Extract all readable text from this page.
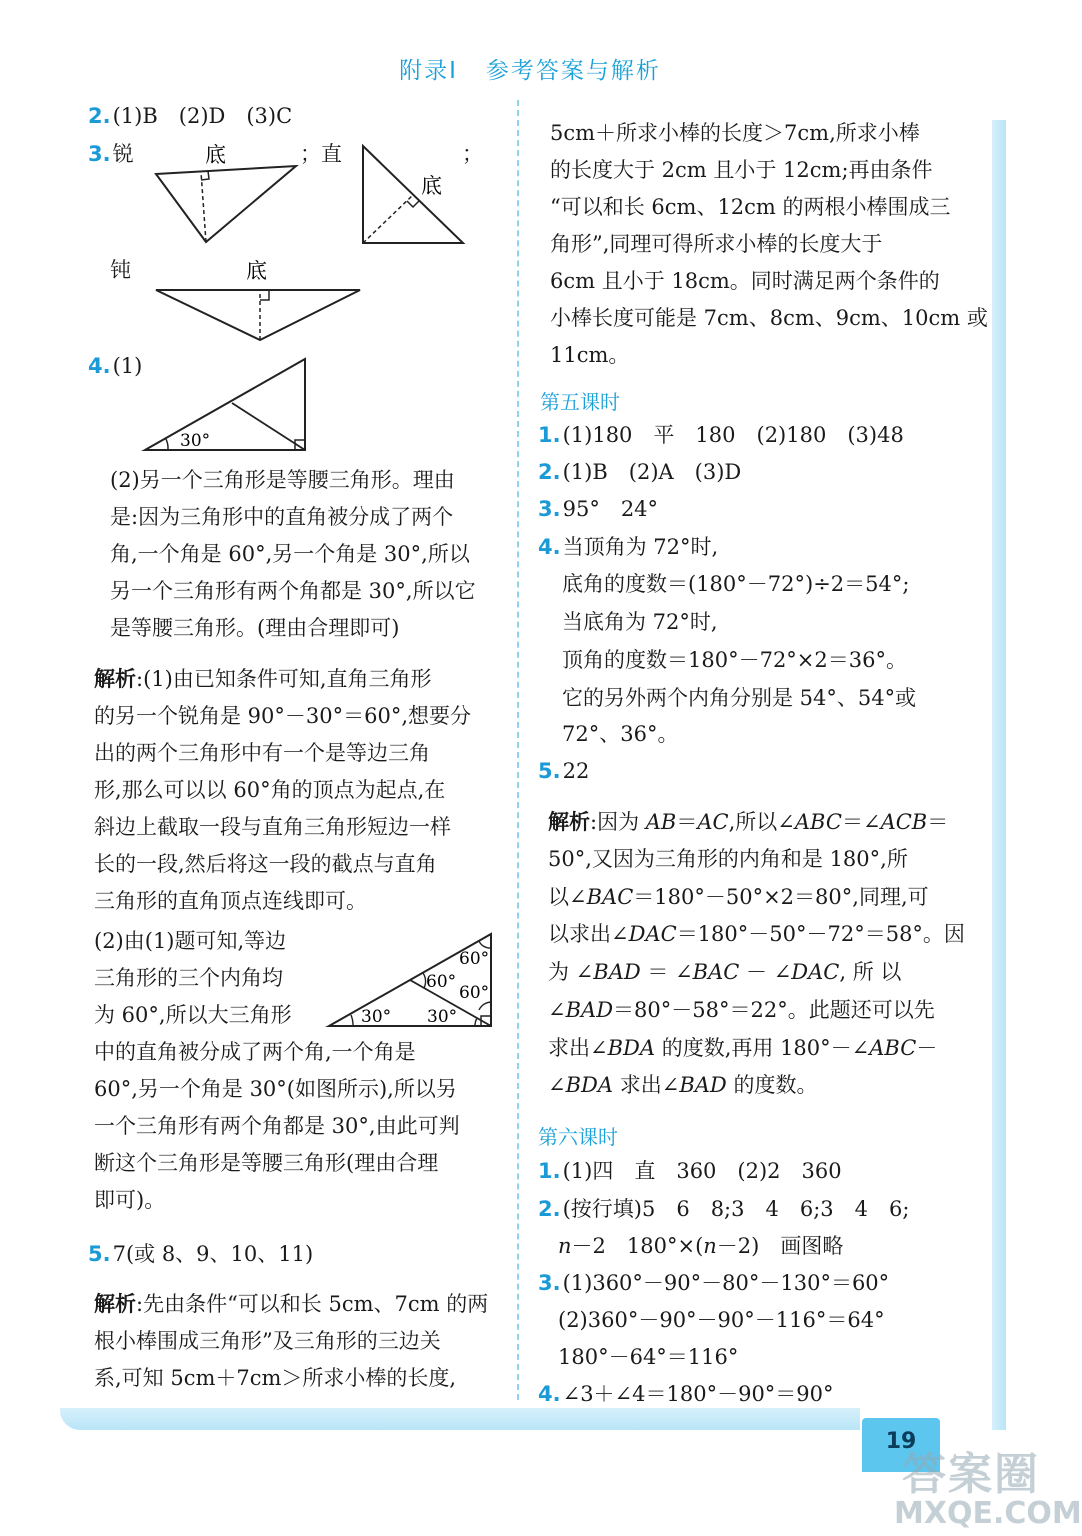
附录Ⅰ 参考答案与解析
2.(1)B　(2)D　(3)C
3.锐	；直	；
钝
底
底
底
4.(1)
30°
(2)另一个三角形是等腰三角形。理由
是:因为三角形中的直角被分成了两个
角,一个角是 60°,另一个角是 30°,所以
另一个三角形有两个角都是 30°,所以它
是等腰三角形。(理由合理即可)
解析:(1)由已知条件可知,直角三角形
的另一个锐角是 90°－30°＝60°,想要分
出的两个三角形中有一个是等边三角
形,那么可以以 60°角的顶点为起点,在
斜边上截取一段与直角三角形短边一样
长的一段,然后将这一段的截点与直角
三角形的直角顶点连线即可。
(2)由(1)题可知,等边
三角形的三个内角均
为 60°,所以大三角形
60°
60°
60°
30° 30°
中的直角被分成了两个角,一个角是
60°,另一个角是 30°(如图所示),所以另
一个三角形有两个角都是 30°,由此可判
断这个三角形是等腰三角形(理由合理
即可)。
5.7(或 8、9、10、11)
解析:先由条件“可以和长 5cm、7cm 的两
根小棒围成三角形”及三角形的三边关
系,可知 5cm＋7cm＞所求小棒的长度,
5cm＋所求小棒的长度＞7cm,所求小棒
的长度大于 2cm 且小于 12cm;再由条件
“可以和长 6cm、12cm 的两根小棒围成三
角形”,同理可得所求小棒的长度大于
6cm 且小于 18cm。同时满足两个条件的
小棒长度可能是 7cm、8cm、9cm、10cm 或
11cm。
第五课时
1.(1)180　平　180　(2)180　(3)48
2.(1)B　(2)A　(3)D
3.95°　24°
4.当顶角为 72°时,
底角的度数＝(180°－72°)÷2＝54°;
当底角为 72°时,
顶角的度数＝180°－72°×2＝36°。
它的另外两个内角分别是 54°、54°或
72°、36°。
5.22
解析:因为 AB＝AC,所以∠ABC＝∠ACB＝
50°,又因为三角形的内角和是 180°,所
以∠BAC＝180°－50°×2＝80°,同理,可
以求出∠DAC＝180°－50°－72°＝58°。因
为 ∠BAD ＝ ∠BAC － ∠DAC, 所 以
∠BAD＝80°－58°＝22°。此题还可以先
求出∠BDA 的度数,再用 180°－∠ABC－
∠BDA 求出∠BAD 的度数。
第六课时
1.(1)四　直　360　(2)2　360
2.(按行填)5　6　8;3　4　6;3　4　6;
n－2　180°×(n－2)　画图略
3.(1)360°－90°－80°－130°＝60°
(2)360°－90°－90°－116°＝64°
180°－64°＝116°
4.∠3＋∠4＝180°－90°＝90°
19
答案圈
MXQE.COM
